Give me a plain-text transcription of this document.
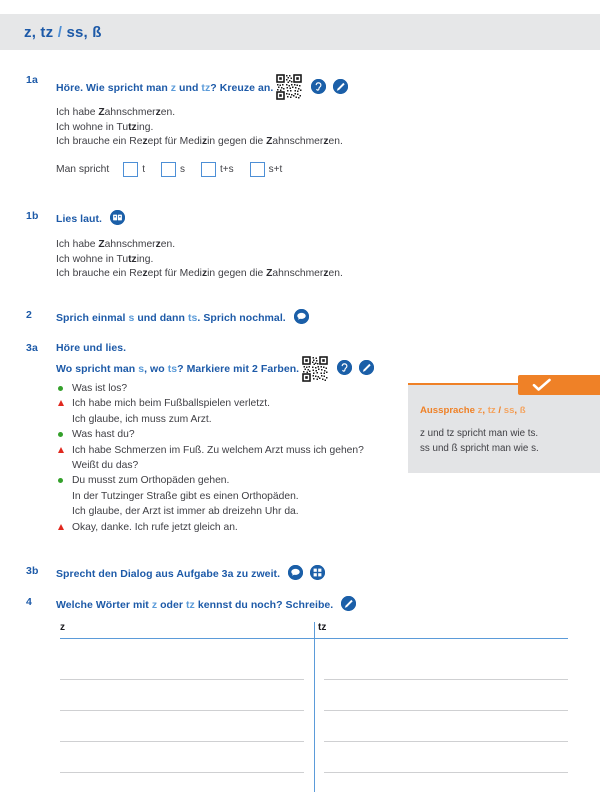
z, tz / ss, ß
1a
Höre. Wie spricht man z und tz? Kreuze an.

Ich habe Zahnschmerzen.
Ich wohne in Tutzing.
Ich brauche ein Rezept für Medizin gegen die Zahnschmerzen.
Man spricht	t	s	t+s	s+t
1b Lies laut.
Ich habe Zahnschmerzen.
Ich wohne in Tutzing.
Ich brauche ein Rezept für Medizin gegen die Zahnschmerzen.
2 Sprich einmal s und dann ts. Sprich nochmal.
3a Höre und lies.
Wo spricht man s, wo ts? Markiere mit 2 Farben.

Was ist los?
Ich habe mich beim Fußballspielen verletzt.
Ich glaube, ich muss zum Arzt.
Was hast du?
Ich habe Schmerzen im Fuß. Zu welchem Arzt muss ich gehen?
Weißt du das?
Du musst zum Orthopäden gehen.
In der Tutzinger Straße gibt es einen Orthopäden.
Ich glaube, der Arzt ist immer ab dreizehn Uhr da.
Okay, danke. Ich rufe jetzt gleich an.
Aussprache z, tz / ss, ß
z und tz spricht man wie ts.
ss und ß spricht man wie s.
3b Sprecht den Dialog aus Aufgabe 3a zu zweit.

4 Welche Wörter mit z oder tz kennst du noch? Schreibe.
z	tz
